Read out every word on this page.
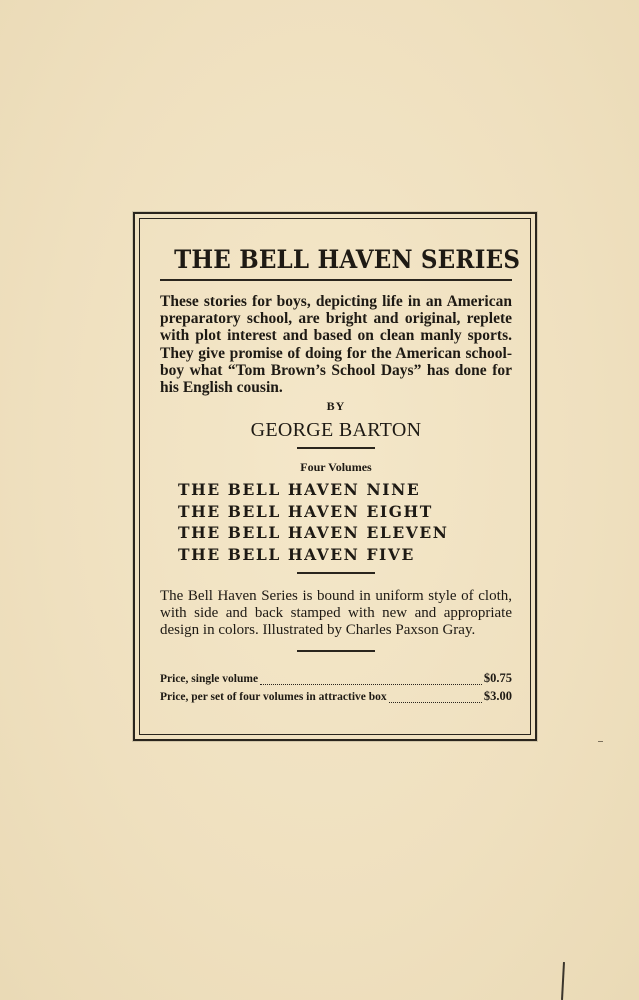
THE BELL HAVEN SERIES

These stories for boys, depicting life in an American preparatory school, are bright and original, replete with plot interest and based on clean manly sports. They give promise of doing for the American school-boy what “Tom Brown’s School Days” has done for his English cousin.

BY
GEORGE BARTON
Four Volumes
THE BELL HAVEN NINE
THE BELL HAVEN EIGHT
THE BELL HAVEN ELEVEN
THE BELL HAVEN FIVE

The Bell Haven Series is bound in uniform style of cloth, with side and back stamped with new and appropriate design in colors. Illustrated by Charles Paxson Gray.

Price, single volume	$0.75
Price, per set of four volumes in attractive box	$3.00
